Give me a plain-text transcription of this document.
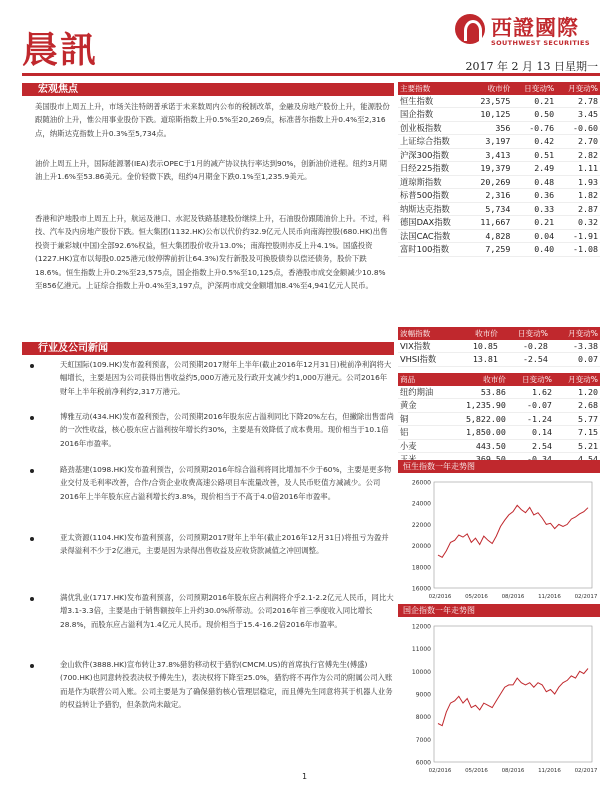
晨訊
西證國際
SOUTHWEST SECURITIES
2017 年 2 月 13 日星期一
宏观焦点
美国股市上周五上升，市场关注特朗普承诺于未来数周内公布的税制改革，金融及房地产股份上升，能源股份跟随油价上升，惟公用事业股份下跌。道琼斯指数上升0.5%至20,269点，标准普尔指数上升0.4%至2,316点，纳斯达克指数上升0.3%至5,734点。
油价上周五上升，国际能源署(IEA)表示OPEC于1月的减产协议执行率达到90%，创新油价进程。纽约3月期油上升1.6%至53.86美元。金价轻微下跌，纽约4月期金下跌0.1%至1,235.9美元。
香港和沪地股市上周五上升，航运及港口、水泥及铁路基建股份继续上升，石油股份跟随油价上升。不过，科技、汽车及内房地产股份下跌。恒大集团(1132.HK)公布以代价约32.9亿元人民币向南海控股(680.HK)出售投资于兼彩城(中国)全部92.6%权益，恒大集团股价收升13.0%；南海控股则亦反上升4.1%。国盛投资(1227.HK)宣布以每股0.025港元(较停牌前折让64.3%)发行新股及可换股债券以偿还债务，股价下跌18.6%。恒生指数上升0.2%至23,575点，国企指数上升0.5%至10,125点，香港股市成交金额减少10.8%至856亿港元。上证综合指数上升0.4%至3,197点，沪深两市成交金额增加8.4%至4,941亿元人民币。
行业及公司新闻
天虹国际(109.HK)发布盈利预喜，公司预期2017财年上半年(截止2016年12月31日)税前净利润将大幅增长，主要是因为公司获得出售收益约5,000万港元及行政开支减少约1,000万港元。公司2016年财年上半年税前净利约2,317万港元。
博雅互动(434.HK)发布盈利预告，公司预期2016年股东应占溢利同比下降20%左右，但撇除出售雷尚的一次性收益，核心股东应占溢利按年增长约30%，主要是有效降低了成本费用。现价相当于10.1倍2016年市盈率。
路劲基建(1098.HK)发布盈利预告，公司预期2016年综合溢利将同比增加不少于60%，主要是更多物业交付及毛利率改善，合作/合资企业收费高速公路项目车流量改善，及人民币贬值方减减少。公司2016年上半年股东应占溢利增长约3.8%，现价相当于不高于4.0倍2016年市盈率。
亚太资源(1104.HK)发布盈利预喜，公司预期2017财年上半年(截止2016年12月31日)将扭亏为盈并录得溢利不少于2亿港元，主要是因为录得出售收益及应收贷款减值之冲回调整。
满优乳业(1717.HK)发布盈利预喜，公司预期2016年股东应占利润将介乎2.1-2.2亿元人民币，同比大增3.1-3.3倍，主要是由于销售额按年上升约30.0%所带动。公司2016年首三季度收入同比增长28.8%，而股东应占溢利为1.4亿元人民币。现价相当于15.4-16.2倍2016年市盈率。
金山软件(3888.HK)宣布转让37.8%猎豹移动权于猎豹(CMCM.US)的首席执行官傅先生(傅盛)(700.HK)也同意转投表决权予傅先生)，表决权将下降至25.0%，猎豹将不再作为公司的附属公司入账而是作为联营公司入账。公司主要是为了确保猎豹核心管理层稳定，而且傅先生同意将其于机器人业务的权益转让予猎豹，但条款尚未敲定。
主要指数	收市价	日变动%	月变动%
恒生指数	23,575	0.21	2.78
国企指数	10,125	0.50	3.45
创业板指数	356	-0.76	-0.60
上证综合指数	3,197	0.42	2.70
沪深300指数	3,413	0.51	2.82
日经225指数	19,379	2.49	1.11
道琼斯指数	20,269	0.48	1.93
标普500指数	2,316	0.36	1.82
纳斯达克指数	5,734	0.33	2.87
德国DAX指数	11,667	0.21	0.32
法国CAC指数	4,828	0.04	-1.91
富时100指数	7,259	0.40	-1.08
波幅指数	收市价	日变动%	月变动%
VIX指数	10.85	-0.28	-3.38
VHSI指数	13.81	-2.54	0.07
商品	收市价	日变动%	月变动%
纽约期油	53.86	1.62	1.20
黄金	1,235.90	-0.07	2.68
铜	5,822.00	-1.24	5.77
铝	1,850.00	0.14	7.15
小麦	443.50	2.54	5.21

恒生指数一年走势图
16000
18000
20000
22000
24000
26000
02/2016 05/2016 08/2016 11/2016 02/2017
国企指数一年走势图
6000
7000
8000
9000
10000
11000
12000
02/2016 05/2016 08/2016 11/2016 02/2017
1
